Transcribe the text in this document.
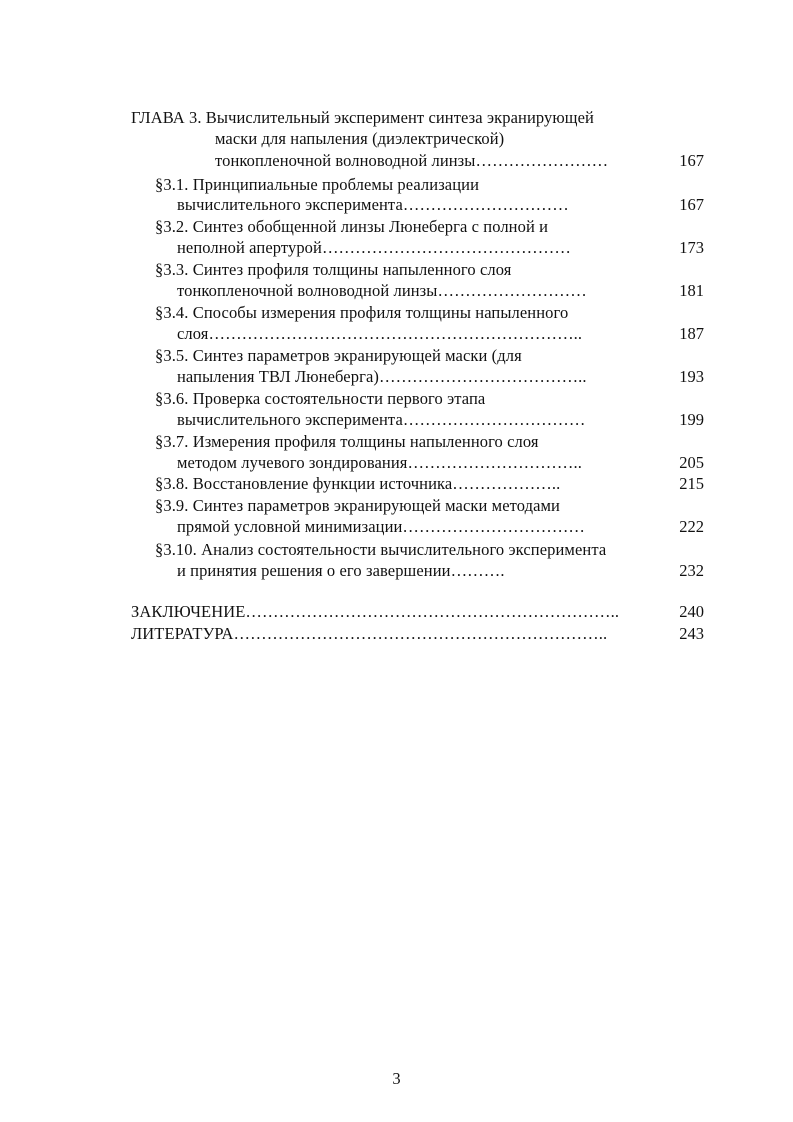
ГЛАВА 3. Вычислительный эксперимент синтеза экранирующей
маски для напыления (диэлектрической)
тонкопленочной волноводной линзы……………………	167
§3.1. Принципиальные проблемы реализации
вычислительного эксперимента…………………………	167
§3.2. Синтез обобщенной линзы Люнеберга с полной и
неполной апертурой………………………………………	173
§3.3. Синтез профиля толщины напыленного слоя
тонкопленочной волноводной линзы………………………	181
§3.4. Способы измерения профиля толщины напыленного
слоя…………………………………………………………..	187
§3.5. Синтез параметров экранирующей маски (для
напыления ТВЛ Люнеберга)………………………………..	193
§3.6. Проверка состоятельности первого этапа
вычислительного эксперимента……………………………	199
§3.7. Измерения профиля толщины напыленного слоя
методом лучевого зондирования…………………………..	205
§3.8. Восстановление функции источника………………..	215
§3.9. Синтез параметров экранирующей маски методами
прямой условной минимизации……………………………	222
§3.10. Анализ состоятельности вычислительного эксперимента
и принятия решения о его завершении……….	232
ЗАКЛЮЧЕНИЕ…………………………………………………………..	240
ЛИТЕРАТУРА…………………………………………………………..	243
3
